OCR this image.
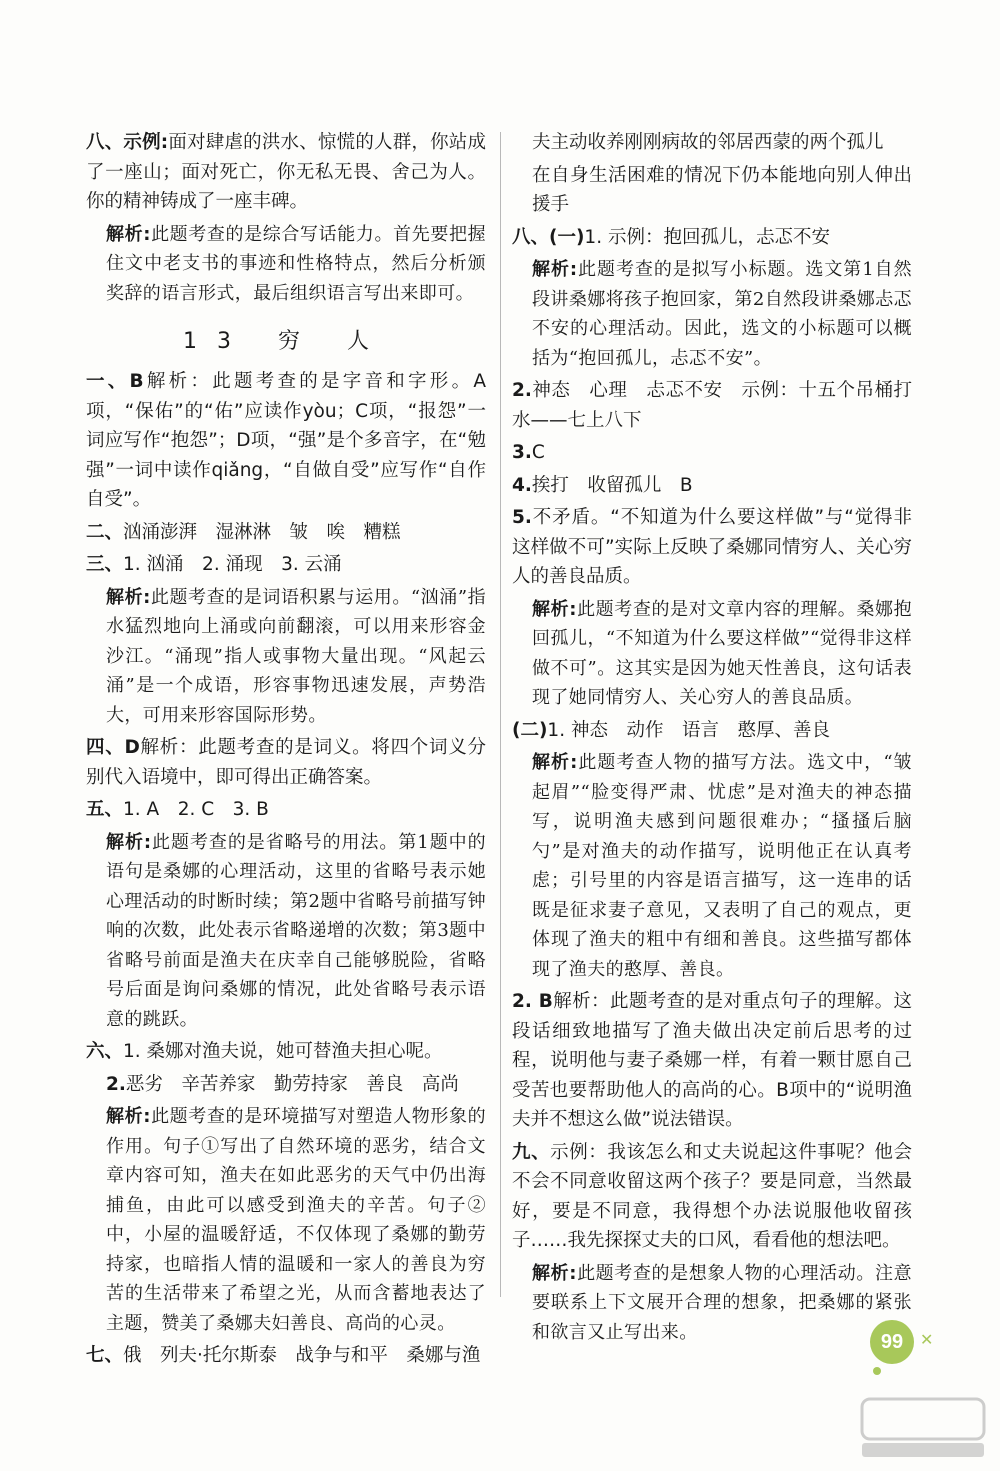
八、示例:面对肆虐的洪水、惊慌的人群，你站成了一座山；面对死亡，你无私无畏、舍己为人。你的精神铸成了一座丰碑。

解析:此题考查的是综合写话能力。首先要把握住文中老支书的事迹和性格特点，然后分析颁奖辞的语言形式，最后组织语言写出来即可。

13 穷 人

一、B解析：此题考查的是字音和字形。A项，“保佑”的“佑”应读作yòu；C项，“报怨”一词应写作“抱怨”；D项，“强”是个多音字，在“勉强”一词中读作qiǎng，“自做自受”应写作“自作自受”。

二、汹涌澎湃　湿淋淋　皱　唉　糟糕

三、1. 汹涌　2. 涌现　3. 云涌

解析:此题考查的是词语积累与运用。“汹涌”指水猛烈地向上涌或向前翻滚，可以用来形容金沙江。“涌现”指人或事物大量出现。“风起云涌”是一个成语，形容事物迅速发展，声势浩大，可用来形容国际形势。

四、D解析：此题考查的是词义。将四个词义分别代入语境中，即可得出正确答案。

五、1. A　2. C　3. B

解析:此题考查的是省略号的用法。第1题中的语句是桑娜的心理活动，这里的省略号表示她心理活动的时断时续；第2题中省略号前描写钟响的次数，此处表示省略递增的次数；第3题中省略号前面是渔夫在庆幸自己能够脱险，省略号后面是询问桑娜的情况，此处省略号表示语意的跳跃。

六、1. 桑娜对渔夫说，她可替渔夫担心呢。

2.恶劣　辛苦养家　勤劳持家　善良　高尚

解析:此题考查的是环境描写对塑造人物形象的作用。句子①写出了自然环境的恶劣，结合文章内容可知，渔夫在如此恶劣的天气中仍出海捕鱼，由此可以感受到渔夫的辛苦。句子②中，小屋的温暖舒适，不仅体现了桑娜的勤劳持家，也暗指人情的温暖和一家人的善良为穷苦的生活带来了希望之光，从而含蓄地表达了主题，赞美了桑娜夫妇善良、高尚的心灵。

七、俄　列夫·托尔斯泰　战争与和平　桑娜与渔

夫主动收养刚刚病故的邻居西蒙的两个孤儿

在自身生活困难的情况下仍本能地向别人伸出援手

八、(一)1. 示例：抱回孤儿，忐忑不安

解析:此题考查的是拟写小标题。选文第1自然段讲桑娜将孩子抱回家，第2自然段讲桑娜忐忑不安的心理活动。因此，选文的小标题可以概括为“抱回孤儿，忐忑不安”。

2.神态　心理　忐忑不安　示例：十五个吊桶打水——七上八下

3.C

4.挨打　收留孤儿　B

5.不矛盾。“不知道为什么要这样做”与“觉得非这样做不可”实际上反映了桑娜同情穷人、关心穷人的善良品质。

解析:此题考查的是对文章内容的理解。桑娜抱回孤儿，“不知道为什么要这样做”“觉得非这样做不可”。这其实是因为她天性善良，这句话表现了她同情穷人、关心穷人的善良品质。

(二)1. 神态　动作　语言　憨厚、善良

解析:此题考查人物的描写方法。选文中，“皱起眉”“脸变得严肃、忧虑”是对渔夫的神态描写，说明渔夫感到问题很难办；“搔搔后脑勺”是对渔夫的动作描写，说明他正在认真考虑；引号里的内容是语言描写，这一连串的话既是征求妻子意见，又表明了自己的观点，更体现了渔夫的粗中有细和善良。这些描写都体现了渔夫的憨厚、善良。

2. B解析：此题考查的是对重点句子的理解。这段话细致地描写了渔夫做出决定前后思考的过程，说明他与妻子桑娜一样，有着一颗甘愿自己受苦也要帮助他人的高尚的心。B项中的“说明渔夫并不想这么做”说法错误。

九、示例：我该怎么和丈夫说起这件事呢？他会不会不同意收留这两个孩子？要是同意，当然最好，要是不同意，我得想个办法说服他收留孩子……我先探探丈夫的口风，看看他的想法吧。

解析:此题考查的是想象人物的心理活动。注意要联系上下文展开合理的想象，把桑娜的紧张和欲言又止写出来。	99	✕
